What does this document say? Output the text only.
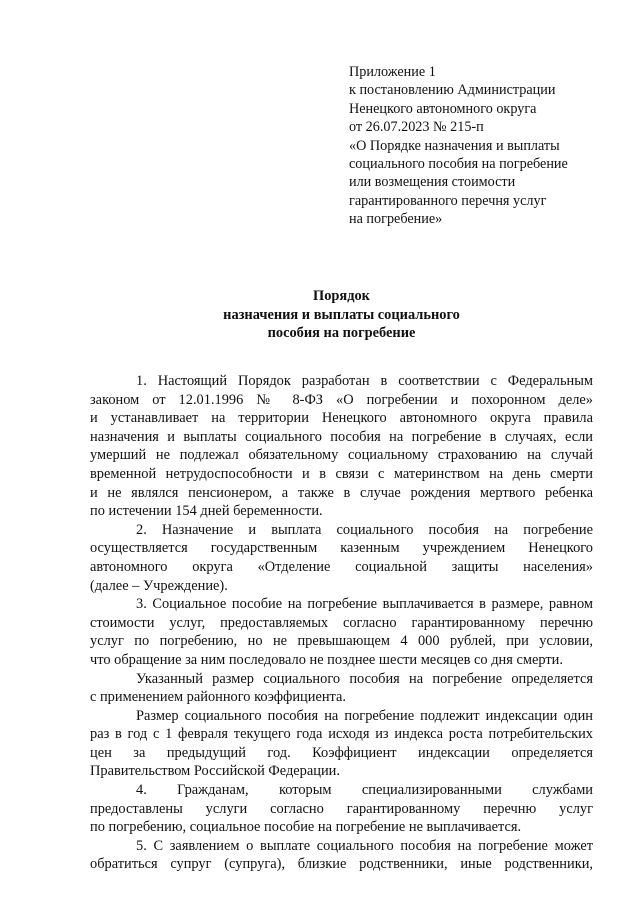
Приложение 1
к постановлению Администрации
Ненецкого автономного округа
от 26.07.2023 № 215-п
«О Порядке назначения и выплаты
социального пособия на погребение
или возмещения стоимости
гарантированного перечня услуг
на погребение»
Порядок
назначения и выплаты социального
пособия на погребение
1. Настоящий Порядок разработан в соответствии с Федеральным
законом от 12.01.1996 № 8-ФЗ «О погребении и похоронном деле»
и устанавливает на территории Ненецкого автономного округа правила
назначения и выплаты социального пособия на погребение в случаях, если
умерший не подлежал обязательному социальному страхованию на случай
временной нетрудоспособности и в связи с материнством на день смерти
и не являлся пенсионером, а также в случае рождения мертвого ребенка
по истечении 154 дней беременности.
2. Назначение и выплата социального пособия на погребение
осуществляется государственным казенным учреждением Ненецкого
автономного округа «Отделение социальной защиты населения»
(далее – Учреждение).
3. Социальное пособие на погребение выплачивается в размере, равном
стоимости услуг, предоставляемых согласно гарантированному перечню
услуг по погребению, но не превышающем 4 000 рублей, при условии,
что обращение за ним последовало не позднее шести месяцев со дня смерти.
Указанный размер социального пособия на погребение определяется
с применением районного коэффициента.
Размер социального пособия на погребение подлежит индексации один
раз в год с 1 февраля текущего года исходя из индекса роста потребительских
цен за предыдущий год. Коэффициент индексации определяется
Правительством Российской Федерации.
4. Гражданам, которым специализированными службами
предоставлены услуги согласно гарантированному перечню услуг
по погребению, социальное пособие на погребение не выплачивается.
5. С заявлением о выплате социального пособия на погребение может
обратиться супруг (супруга), близкие родственники, иные родственники,
